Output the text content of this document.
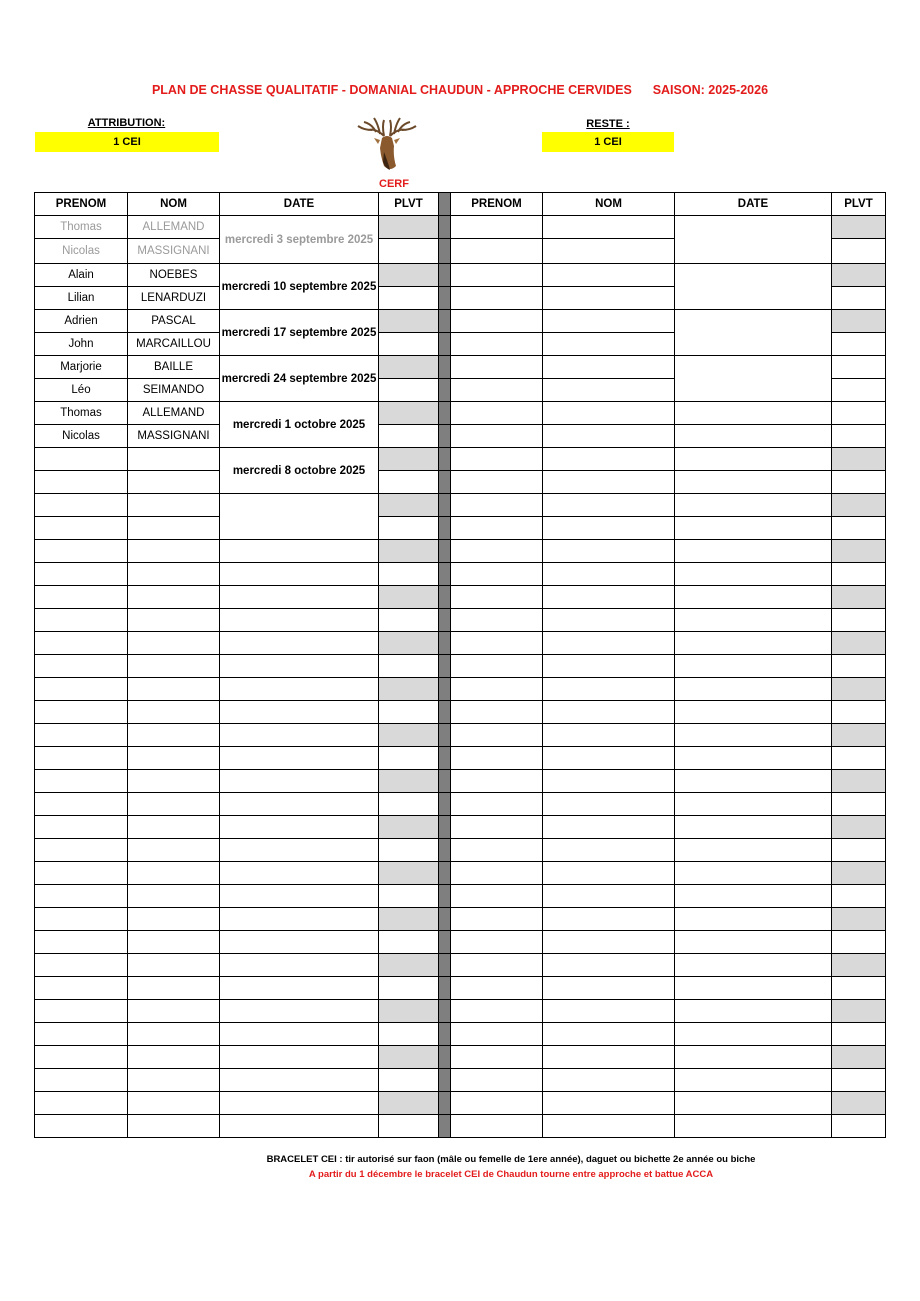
PLAN DE CHASSE QUALITATIF - DOMANIAL CHAUDUN - APPROCHE CERVIDES SAISON: 2025-2026
ATTRIBUTION:
1 CEI
RESTE :
1 CEI
CERF
PRENOM	NOM	DATE	PLVT		PRENOM	NOM	DATE	PLVT
Thomas	ALLEMAND	mercredi 3 septembre 2025						
Nicolas	MASSIGNANI							
Alain	NOEBES	mercredi 10 septembre 2025						
Lilian	LENARDUZI							
Adrien	PASCAL	mercredi 17 septembre 2025						
John	MARCAILLOU							
Marjorie	BAILLE	mercredi 24 septembre 2025						
Léo	SEIMANDO							
Thomas	ALLEMAND	mercredi 1 octobre 2025						
Nicolas	MASSIGNANI							
		mercredi 8 octobre 2025						

BRACELET CEI : tir autorisé sur faon (mâle ou femelle de 1ere année), daguet ou bichette 2e année ou biche
A partir du 1 décembre le bracelet CEI de Chaudun tourne entre approche et battue ACCA
